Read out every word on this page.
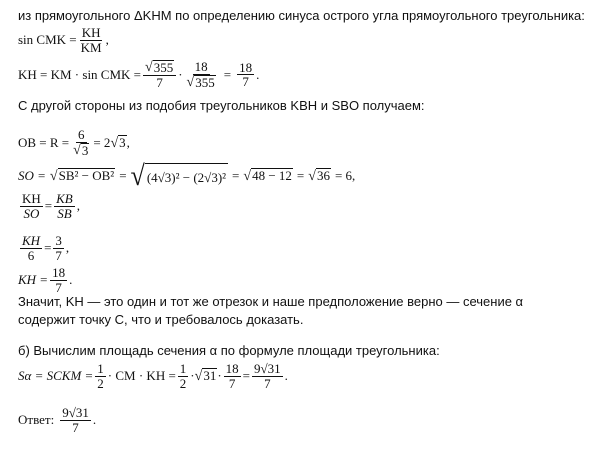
из прямоугольного ΔKHM по определению синуса острого угла прямоугольного треугольника:
sin CMK = $\frac{KH}{KM}$ ,
KH = KM · sin CMK = $\frac{√ 355}{7} \cdot \frac{18}{√ 355} = \frac{18}{7}$ .
С другой стороны из подобия треугольников KBH и SBO получаем:
OB = $R = \frac{6}{√ 3} = 2$ √ 3 ,
SO = √ SB² − OB² = √ (4√3)² − (2√3)² = √ 48 − 12 = √ 36 = 6,
$\frac{KH}{SO} = \frac{KB}{SB}$ ,
$\frac{KH}{6} = \frac{3}{7}$ ,
KH = $\frac{18}{7}$ .
Значит, KH — это один и тот же отрезок и наше предположение верно — сечение α
содержит точку C, что и требовалось доказать.
б) Вычислим площадь сечения α по формуле площади треугольника:
Sα = SCKM = $\frac{1}{2}$ · CM · KH = $\frac{1}{2}$ · √ $31 \cdot \frac{18}{7} = \frac{9√31}{7}$ .
Ответ: $\frac{9√31}{7}$ .
